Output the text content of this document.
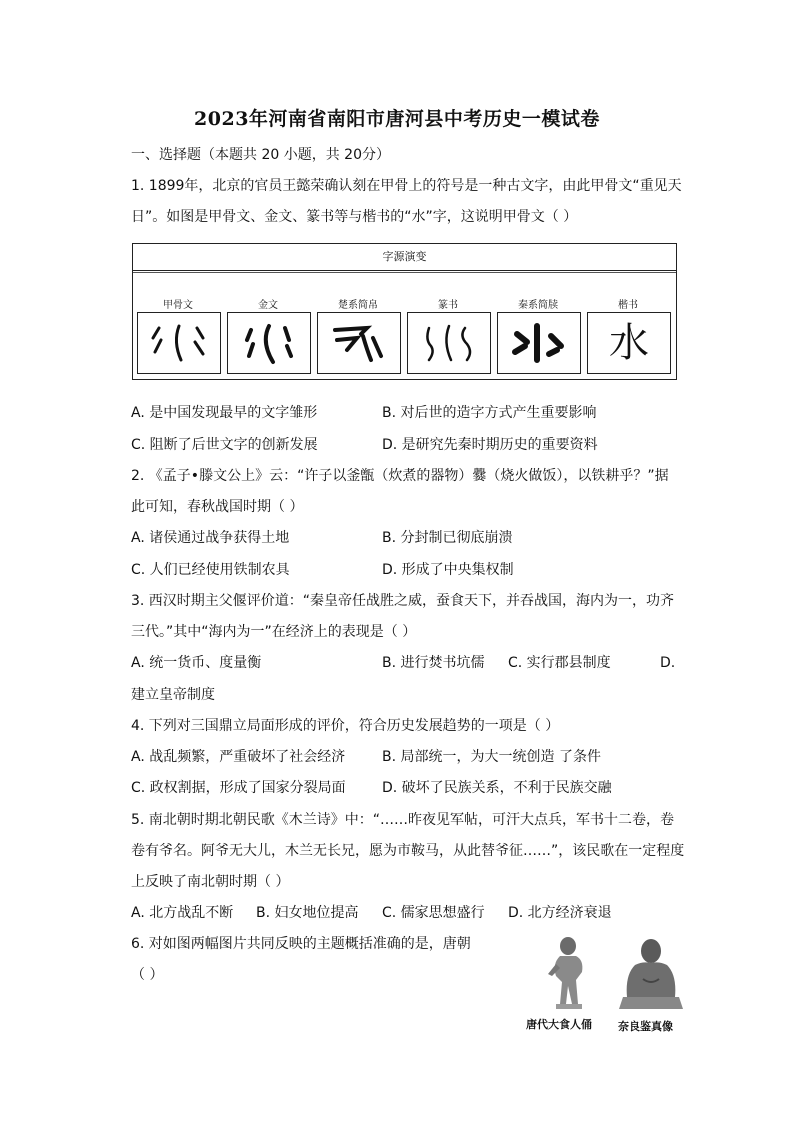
2023年河南省南阳市唐河县中考历史一模试卷
一、选择题（本题共 20 小题，共 20分）
1. 1899年，北京的官员王懿荣确认刻在甲骨上的符号是一种古文字，由此甲骨文“重见天
日”。如图是甲骨文、金文、篆书等与楷书的“水”字，这说明甲骨文（ ）
字源演变
甲骨文	金文	楚系简帛	篆书	秦系简牍	楷书
水
A. 是中国发现最早的文字雏形	B. 对后世的造字方式产生重要影响
C. 阻断了后世文字的创新发展	D. 是研究先秦时期历史的重要资料
2. 《孟子•滕文公上》云：“许子以釜甑（炊煮的器物）爨（烧火做饭），以铁耕乎？”据
此可知，春秋战国时期（ ）
A. 诸侯通过战争获得土地	B. 分封制已彻底崩溃
C. 人们已经使用铁制农具	D. 形成了中央集权制
3. 西汉时期主父偃评价道：“秦皇帝任战胜之威，蚕食天下，并吞战国，海内为一，功齐
三代。”其中“海内为一”在经济上的表现是（ ）
A. 统一货币、度量衡	B. 进行焚书坑儒 C. 实行郡县制度	D.
建立皇帝制度
4. 下列对三国鼎立局面形成的评价，符合历史发展趋势的一项是（ ）
A. 战乱频繁，严重破坏了社会经济	B. 局部统一，为大一统创造 了条件
C. 政权割据，形成了国家分裂局面	D. 破坏了民族关系，不利于民族交融
5. 南北朝时期北朝民歌《木兰诗》中：“……昨夜见军帖，可汗大点兵，军书十二卷，卷
卷有爷名。阿爷无大儿，木兰无长兄，愿为市鞍马，从此替爷征……”，该民歌在一定程度
上反映了南北朝时期（ ）
A. 北方战乱不断 B. 妇女地位提高 C. 儒家思想盛行 D. 北方经济衰退
6. 对如图两幅图片共同反映的主题概括准确的是，唐朝
（ ）
唐代大食人俑 奈良鉴真像
